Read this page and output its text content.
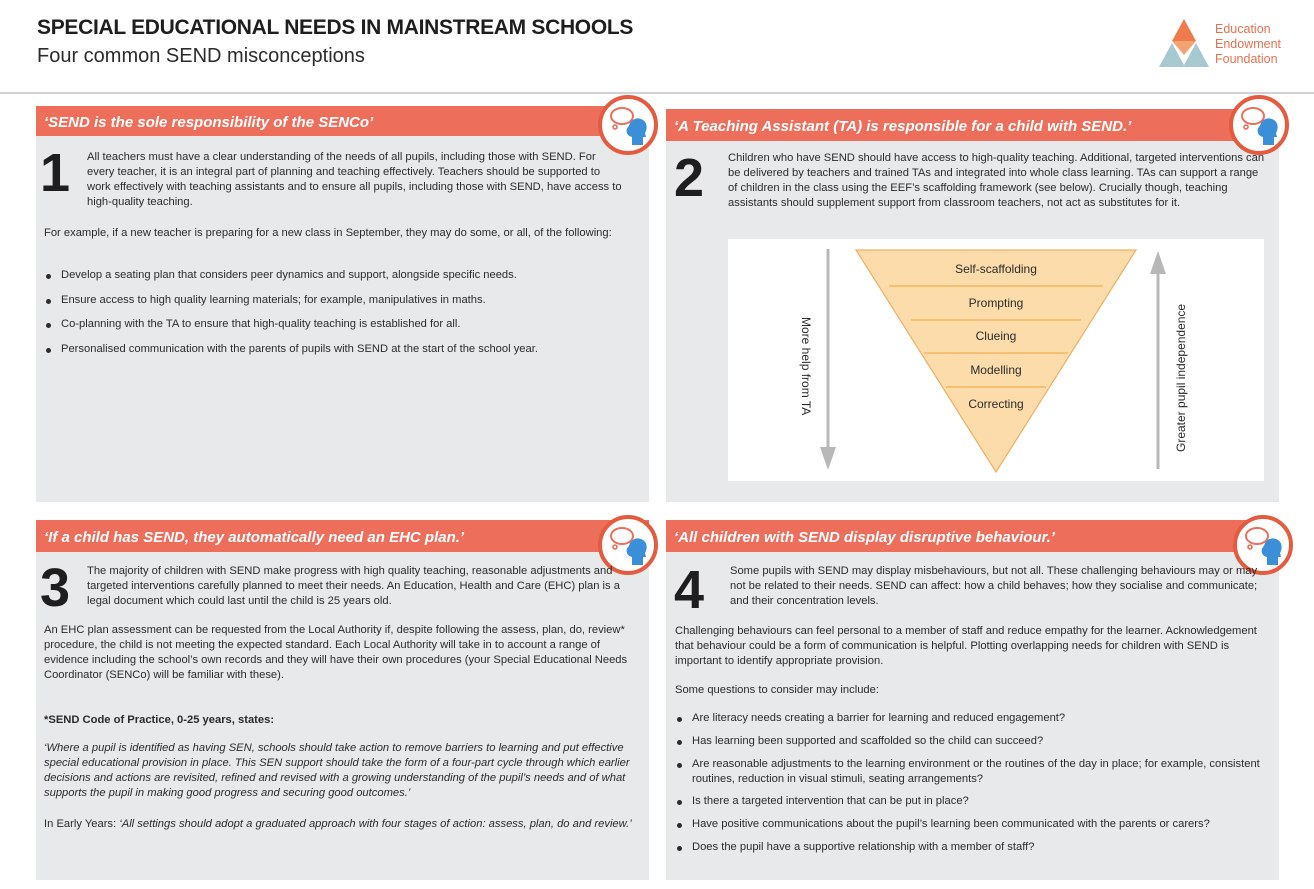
SPECIAL EDUCATIONAL NEEDS IN MAINSTREAM SCHOOLS
Four common SEND misconceptions
Education
Endowment
Foundation
‘SEND is the sole responsibility of the SENCo’
1 All teachers must have a clear understanding of the needs of all pupils, including those with SEND. For every teacher, it is an integral part of planning and teaching effectively. Teachers should be supported to work effectively with teaching assistants and to ensure all pupils, including those with SEND, have access to high-quality teaching.
For example, if a new teacher is preparing for a new class in September, they may do some, or all, of the following:
Develop a seating plan that considers peer dynamics and support, alongside specific needs.
Ensure access to high quality learning materials; for example, manipulatives in maths.
Co-planning with the TA to ensure that high-quality teaching is established for all.
Personalised communication with the parents of pupils with SEND at the start of the school year.
‘A Teaching Assistant (TA) is responsible for a child with SEND.’
2 Children who have SEND should have access to high-quality teaching. Additional, targeted interventions can be delivered by teachers and trained TAs and integrated into whole class learning. TAs can support a range of children in the class using the EEF’s scaffolding framework (see below). Crucially though, teaching assistants should supplement support from classroom teachers, not act as substitutes for it.
Self-scaffolding
Prompting
Clueing
Modelling
Correcting
More help from TA	Greater pupil independence
‘If a child has SEND, they automatically need an EHC plan.’
3 The majority of children with SEND make progress with high quality teaching, reasonable adjustments and targeted interventions carefully planned to meet their needs. An Education, Health and Care (EHC) plan is a legal document which could last until the child is 25 years old.
An EHC plan assessment can be requested from the Local Authority if, despite following the assess, plan, do, review* procedure, the child is not meeting the expected standard. Each Local Authority will take in to account a range of evidence including the school’s own records and they will have their own procedures (your Special Educational Needs Coordinator (SENCo) will be familiar with these).
*SEND Code of Practice, 0-25 years, states:
‘Where a pupil is identified as having SEN, schools should take action to remove barriers to learning and put effective special educational provision in place. This SEN support should take the form of a four-part cycle through which earlier decisions and actions are revisited, refined and revised with a growing understanding of the pupil’s needs and of what supports the pupil in making good progress and securing good outcomes.’
In Early Years: ‘All settings should adopt a graduated approach with four stages of action: assess, plan, do and review.’
‘All children with SEND display disruptive behaviour.’
4 Some pupils with SEND may display misbehaviours, but not all. These challenging behaviours may or may not be related to their needs. SEND can affect: how a child behaves; how they socialise and communicate; and their concentration levels.
Challenging behaviours can feel personal to a member of staff and reduce empathy for the learner. Acknowledgement that behaviour could be a form of communication is helpful. Plotting overlapping needs for children with SEND is important to identify appropriate provision.
Some questions to consider may include:
Are literacy needs creating a barrier for learning and reduced engagement?
Has learning been supported and scaffolded so the child can succeed?
Are reasonable adjustments to the learning environment or the routines of the day in place; for example, consistent routines, reduction in visual stimuli, seating arrangements?
Is there a targeted intervention that can be put in place?
Have positive communications about the pupil’s learning been communicated with the parents or carers?
Does the pupil have a supportive relationship with a member of staff?
